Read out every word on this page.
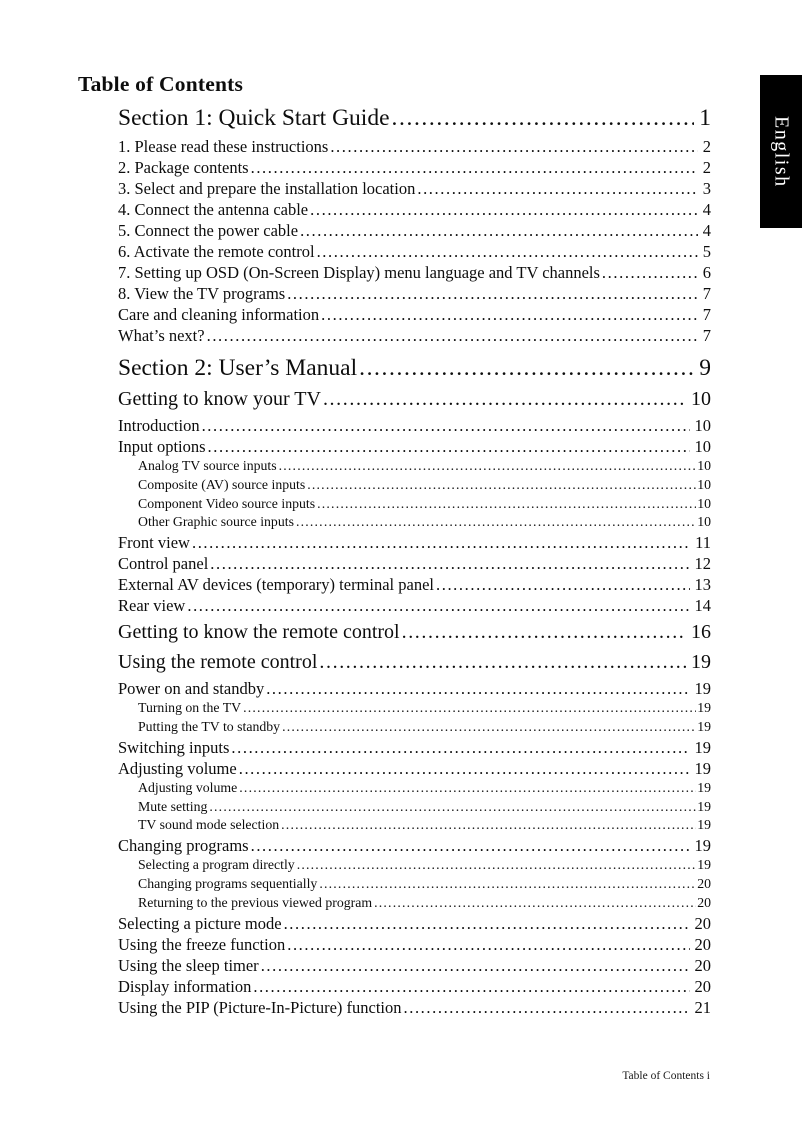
English
Table of Contents
Section 1: Quick Start Guide .....	1
1. Please read these instructions .....	2
2. Package contents .....	2
3. Select and prepare the installation location .....	3
4. Connect the antenna cable .....	4
5. Connect the power cable .....	4
6. Activate the remote control .....	5
7. Setting up OSD (On-Screen Display) menu language and TV channels .....	6
8. View the TV programs .....	7
Care and cleaning information .....	7
What’s next? .....	7
Section 2: User’s Manual .....	9
Getting to know your TV .....	10
Introduction .....	10
Input options .....	10
Analog TV source inputs .....	10
Composite (AV) source inputs .....	10
Component Video source inputs .....	10
Other Graphic source inputs .....	10
Front view .....	11
Control panel .....	12
External AV devices (temporary) terminal panel .....	13
Rear view .....	14
Getting to know the remote control .....	16
Using the remote control .....	19
Power on and standby .....	19
Turning on the TV .....	19
Putting the TV to standby .....	19
Switching inputs .....	19
Adjusting volume .....	19
Adjusting volume .....	19
Mute setting .....	19
TV sound mode selection .....	19
Changing programs .....	19
Selecting a program directly .....	19
Changing programs sequentially .....	20
Returning to the previous viewed program .....	20
Selecting a picture mode .....	20
Using the freeze function .....	20
Using the sleep timer .....	20
Display information .....	20
Using the PIP (Picture-In-Picture) function .....	21
Table of Contents i
